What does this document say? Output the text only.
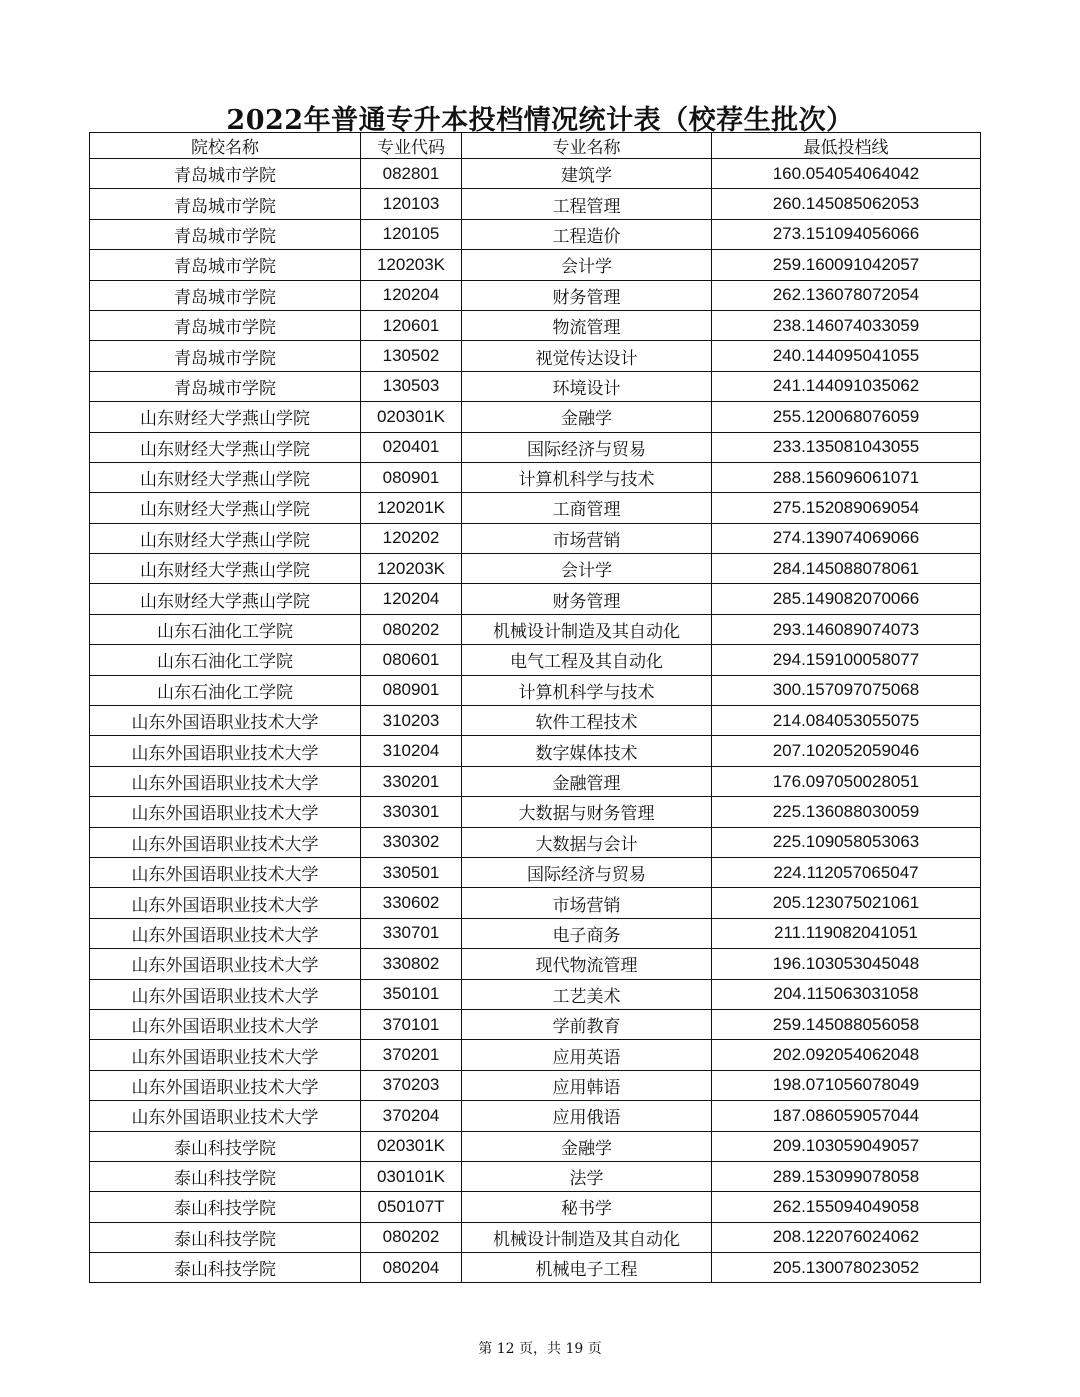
2022年普通专升本投档情况统计表（校荐生批次）
院校名称	专业代码	专业名称	最低投档线
青岛城市学院	082801	建筑学	160.054054064042
青岛城市学院	120103	工程管理	260.145085062053
青岛城市学院	120105	工程造价	273.151094056066
青岛城市学院	120203K	会计学	259.160091042057
青岛城市学院	120204	财务管理	262.136078072054
青岛城市学院	120601	物流管理	238.146074033059
青岛城市学院	130502	视觉传达设计	240.144095041055
青岛城市学院	130503	环境设计	241.144091035062
山东财经大学燕山学院	020301K	金融学	255.120068076059
山东财经大学燕山学院	020401	国际经济与贸易	233.135081043055
山东财经大学燕山学院	080901	计算机科学与技术	288.156096061071
山东财经大学燕山学院	120201K	工商管理	275.152089069054
山东财经大学燕山学院	120202	市场营销	274.139074069066
山东财经大学燕山学院	120203K	会计学	284.145088078061
山东财经大学燕山学院	120204	财务管理	285.149082070066
山东石油化工学院	080202	机械设计制造及其自动化	293.146089074073
山东石油化工学院	080601	电气工程及其自动化	294.159100058077
山东石油化工学院	080901	计算机科学与技术	300.157097075068
山东外国语职业技术大学	310203	软件工程技术	214.084053055075
山东外国语职业技术大学	310204	数字媒体技术	207.102052059046
山东外国语职业技术大学	330201	金融管理	176.097050028051
山东外国语职业技术大学	330301	大数据与财务管理	225.136088030059
山东外国语职业技术大学	330302	大数据与会计	225.109058053063
山东外国语职业技术大学	330501	国际经济与贸易	224.112057065047
山东外国语职业技术大学	330602	市场营销	205.123075021061
山东外国语职业技术大学	330701	电子商务	211.119082041051
山东外国语职业技术大学	330802	现代物流管理	196.103053045048
山东外国语职业技术大学	350101	工艺美术	204.115063031058
山东外国语职业技术大学	370101	学前教育	259.145088056058
山东外国语职业技术大学	370201	应用英语	202.092054062048
山东外国语职业技术大学	370203	应用韩语	198.071056078049
山东外国语职业技术大学	370204	应用俄语	187.086059057044
泰山科技学院	020301K	金融学	209.103059049057
泰山科技学院	030101K	法学	289.153099078058
泰山科技学院	050107T	秘书学	262.155094049058
泰山科技学院	080202	机械设计制造及其自动化	208.122076024062
泰山科技学院	080204	机械电子工程	205.130078023052
第 12 页，共 19 页
